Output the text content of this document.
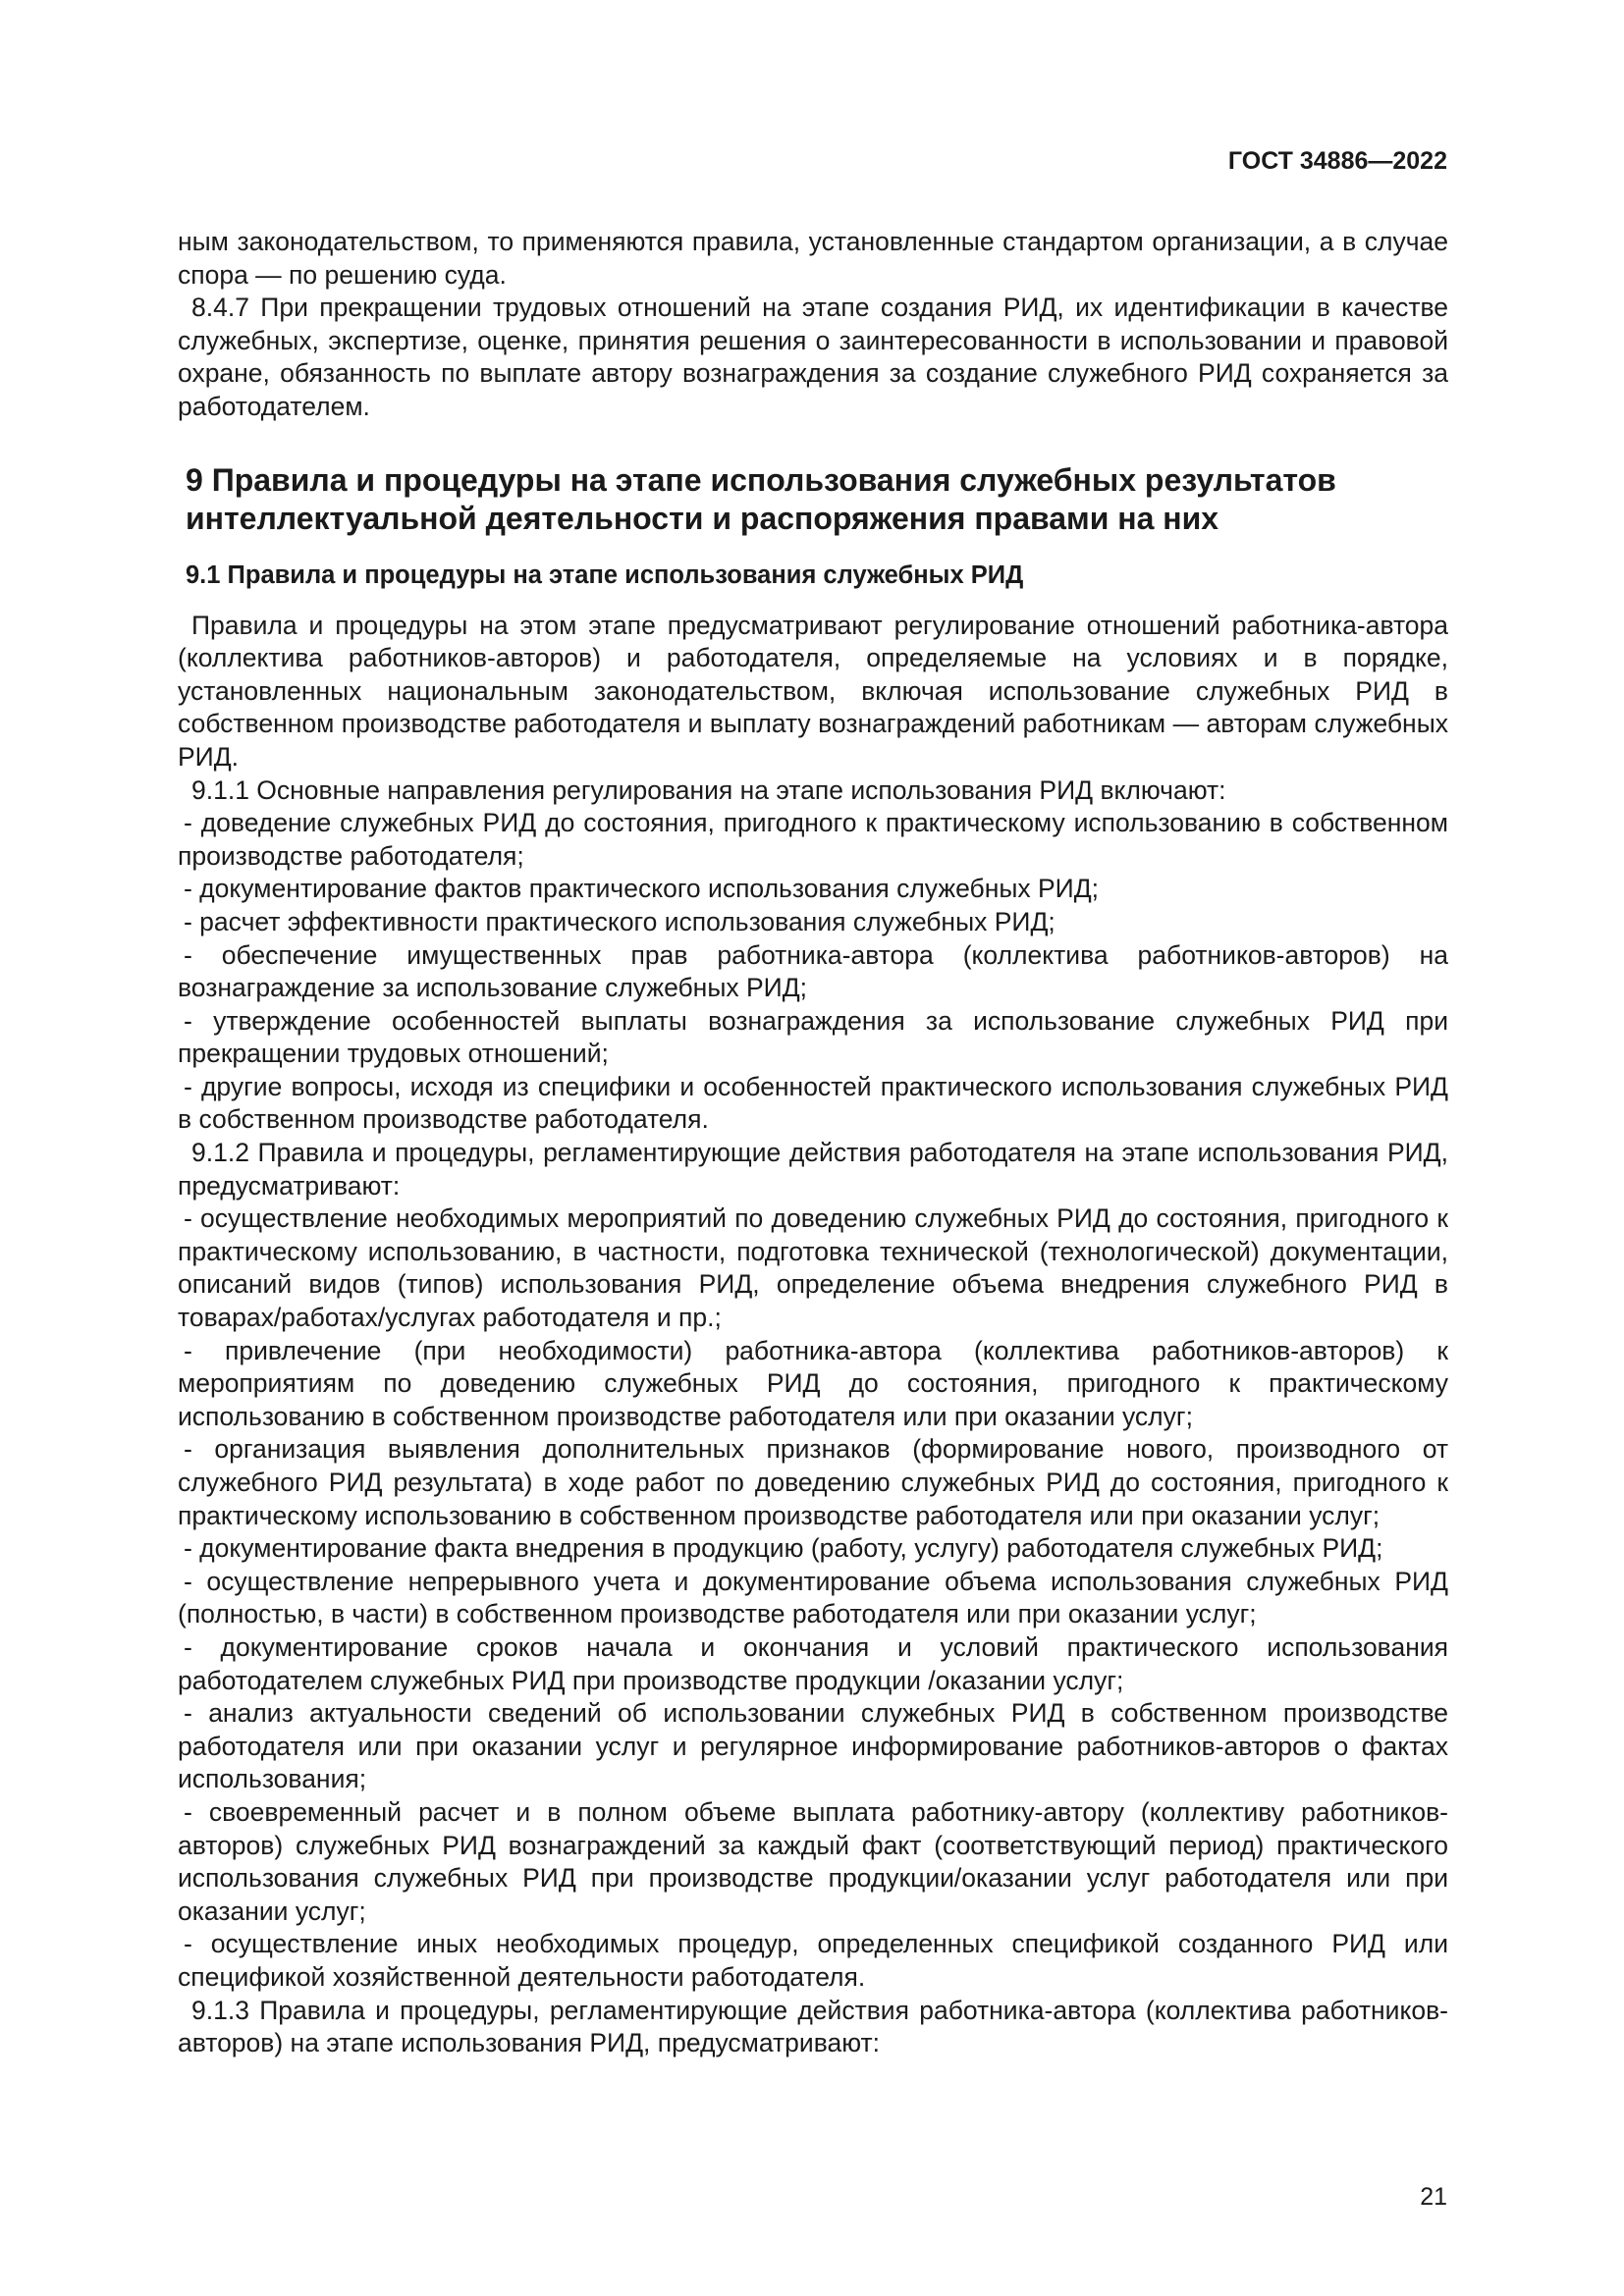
ГОСТ 34886—2022

ным законодательством, то применяются правила, установленные стандартом организации, а в случае спора — по решению суда.

8.4.7 При прекращении трудовых отношений на этапе создания РИД, их идентификации в качестве служебных, экспертизе, оценке, принятия решения о заинтересованности в использовании и правовой охране, обязанность по выплате автору вознаграждения за создание служебного РИД сохраняется за работодателем.

9 Правила и процедуры на этапе использования служебных результатов интеллектуальной деятельности и распоряжения правами на них
9.1 Правила и процедуры на этапе использования служебных РИД

Правила и процедуры на этом этапе предусматривают регулирование отношений работника-автора (коллектива работников-авторов) и работодателя, определяемые на условиях и в порядке, установленных национальным законодательством, включая использование служебных РИД в собственном производстве работодателя и выплату вознаграждений работникам — авторам служебных РИД.

9.1.1 Основные направления регулирования на этапе использования РИД включают:

- доведение служебных РИД до состояния, пригодного к практическому использованию в собственном производстве работодателя;

- документирование фактов практического использования служебных РИД;

- расчет эффективности практического использования служебных РИД;

- обеспечение имущественных прав работника-автора (коллектива работников-авторов) на вознаграждение за использование служебных РИД;

- утверждение особенностей выплаты вознаграждения за использование служебных РИД при прекращении трудовых отношений;

- другие вопросы, исходя из специфики и особенностей практического использования служебных РИД в собственном производстве работодателя.

9.1.2 Правила и процедуры, регламентирующие действия работодателя на этапе использования РИД, предусматривают:

- осуществление необходимых мероприятий по доведению служебных РИД до состояния, пригодного к практическому использованию, в частности, подготовка технической (технологической) документации, описаний видов (типов) использования РИД, определение объема внедрения служебного РИД в товарах/работах/услугах работодателя и пр.;

- привлечение (при необходимости) работника-автора (коллектива работников-авторов) к мероприятиям по доведению служебных РИД до состояния, пригодного к практическому использованию в собственном производстве работодателя или при оказании услуг;

- организация выявления дополнительных признаков (формирование нового, производного от служебного РИД результата) в ходе работ по доведению служебных РИД до состояния, пригодного к практическому использованию в собственном производстве работодателя или при оказании услуг;

- документирование факта внедрения в продукцию (работу, услугу) работодателя служебных РИД;

- осуществление непрерывного учета и документирование объема использования служебных РИД (полностью, в части) в собственном производстве работодателя или при оказании услуг;

- документирование сроков начала и окончания и условий практического использования работодателем служебных РИД при производстве продукции /оказании услуг;

- анализ актуальности сведений об использовании служебных РИД в собственном производстве работодателя или при оказании услуг и регулярное информирование работников-авторов о фактах использования;

- своевременный расчет и в полном объеме выплата работнику-автору (коллективу работников-авторов) служебных РИД вознаграждений за каждый факт (соответствующий период) практического использования служебных РИД при производстве продукции/оказании услуг работодателя или при оказании услуг;

- осуществление иных необходимых процедур, определенных спецификой созданного РИД или спецификой хозяйственной деятельности работодателя.

9.1.3 Правила и процедуры, регламентирующие действия работника-автора (коллектива работников-авторов) на этапе использования РИД, предусматривают:

21
